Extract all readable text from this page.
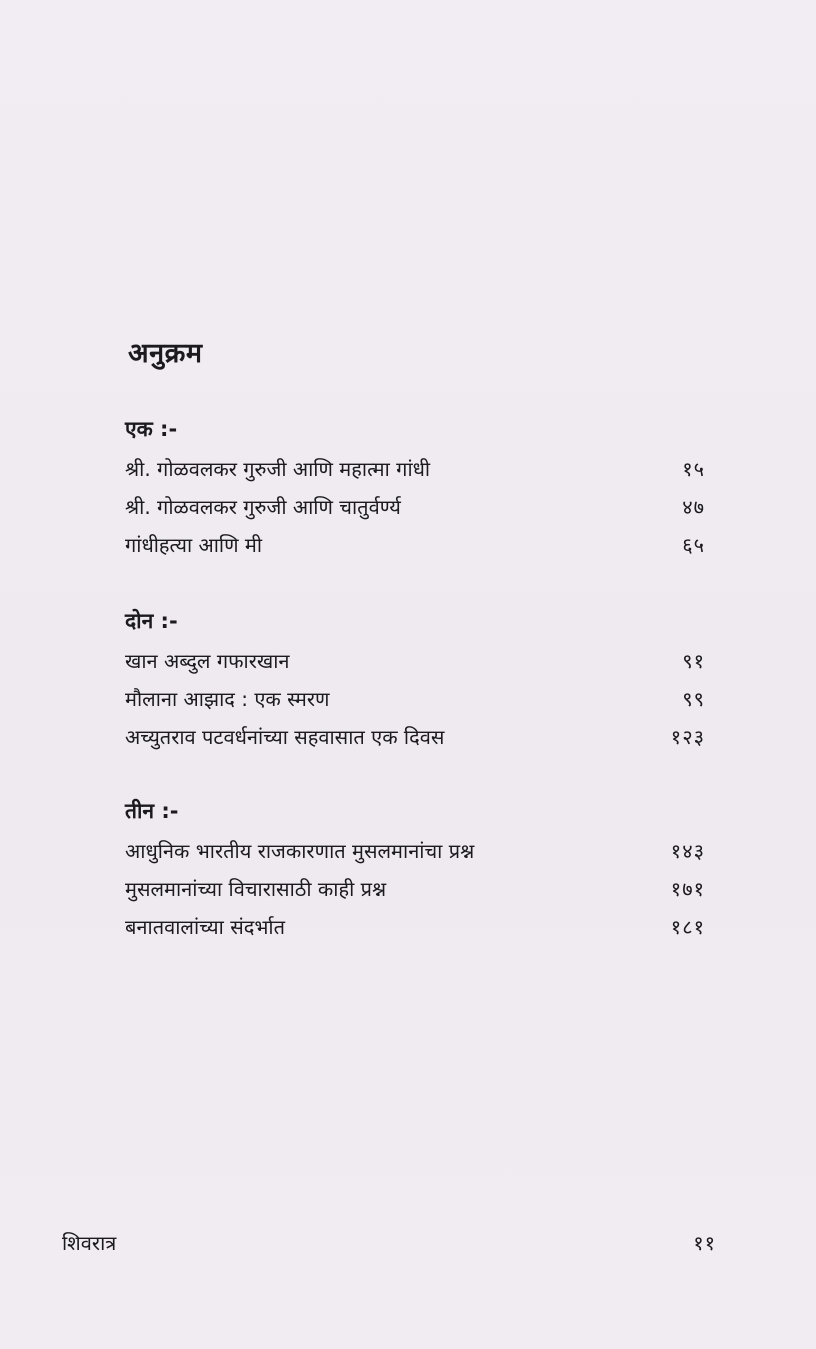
अनुक्रम
एक :-
श्री. गोळवलकर गुरुजी आणि महात्मा गांधी	१५
श्री. गोळवलकर गुरुजी आणि चातुर्वर्ण्य	४७
गांधीहत्या आणि मी	६५
दोन :-
खान अब्दुल गफारखान	९१
मौलाना आझाद : एक स्मरण	९९
अच्युतराव पटवर्धनांच्या सहवासात एक दिवस	१२३
तीन :-
आधुनिक भारतीय राजकारणात मुसलमानांचा प्रश्न	१४३
मुसलमानांच्या विचारासाठी काही प्रश्न	१७१
बनातवालांच्या संदर्भात	१८१
शिवरात्र	११
